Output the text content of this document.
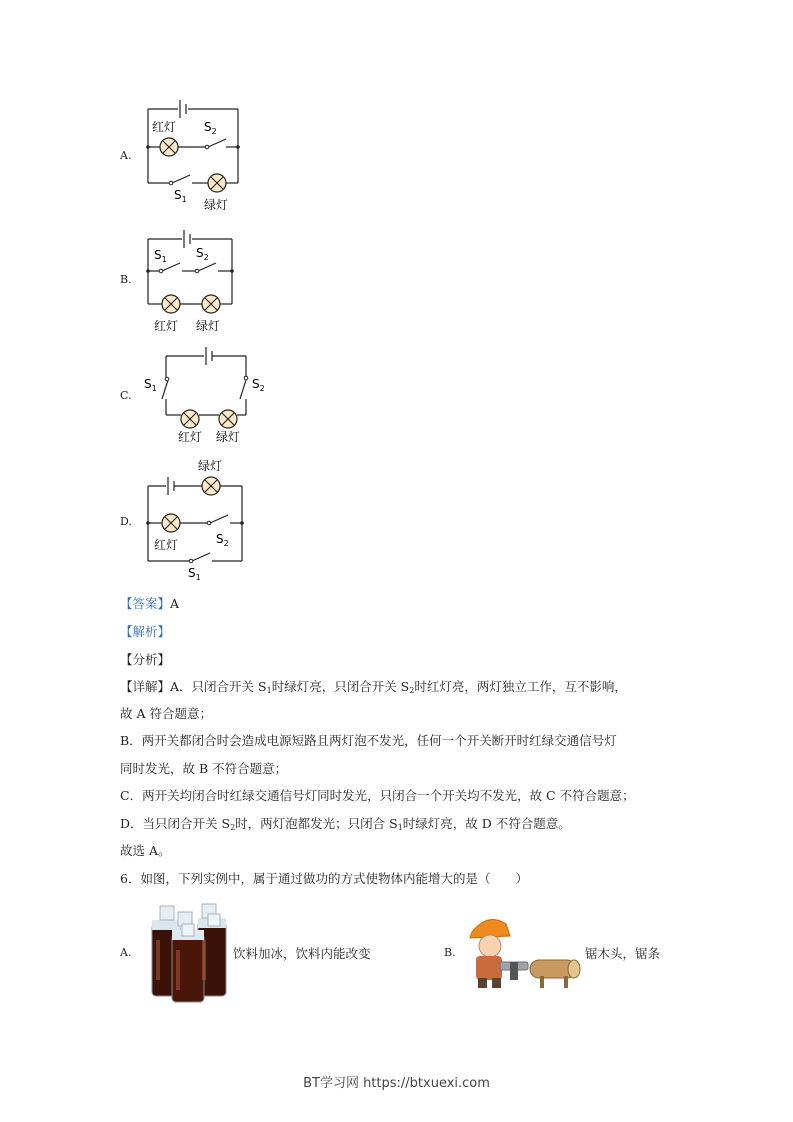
A.
红灯 $S_2$
$S_1$ 绿灯
B.
$S_1$ $S_2$
红灯 绿灯
C.
$S_1$	$S_2$
红灯 绿灯
D.
绿灯
红灯	$S_2$
$S_1$
【答案】A
【解析】
【分析】
【详解】A．只闭合开关 $S_1$时绿灯亮，只闭合开关 $S_2$时红灯亮，两灯独立工作，互不影响，
故 A 符合题意；
B．两开关都闭合时会造成电源短路且两灯泡不发光，任何一个开关断开时红绿交通信号灯
同时发光，故 B 不符合题意；
C．两开关均闭合时红绿交通信号灯同时发光，只闭合一个开关均不发光，故 C 不符合题意；
D．当只闭合开关 $S_2$时，两灯泡都发光；只闭合 $S_1$时绿灯亮，故 D 不符合题意。
故选 A。
6．如图，下列实例中，属于通过做功的方式使物体内能增大的是（　　）
A.	饮料加冰，饮料内能改变	B.	锯木头，锯条
BT学习网 https://btxuexi.com
